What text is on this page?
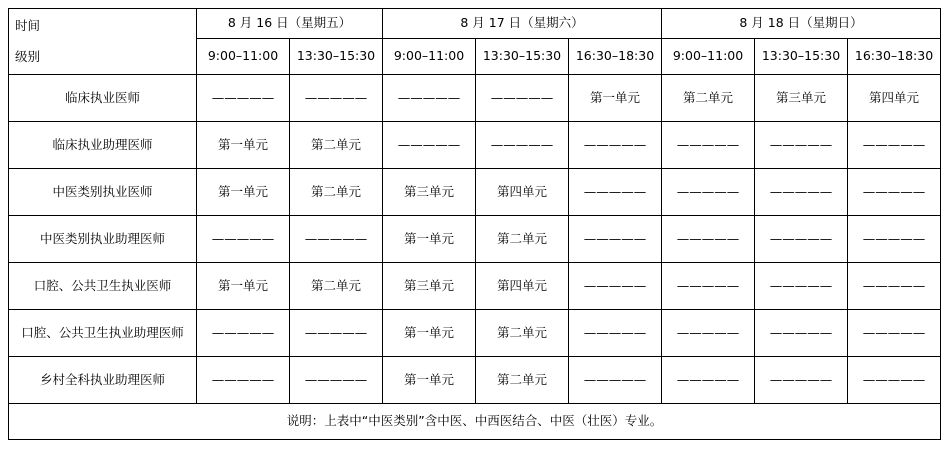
时间
级别	8 月 16 日（星期五）		8 月 17 日（星期六）			8 月 18 日（星期日）		
	9:00–11:00	13:30–15:30	9:00–11:00	13:30–15:30	16:30–18:30	9:00–11:00	13:30–15:30	16:30–18:30
临床执业医师	—————	—————	—————	—————	第一单元	第二单元	第三单元	第四单元
临床执业助理医师	第一单元	第二单元	—————	—————	—————	—————	—————	—————
中医类别执业医师	第一单元	第二单元	第三单元	第四单元	—————	—————	—————	—————
中医类别执业助理医师	—————	—————	第一单元	第二单元	—————	—————	—————	—————
口腔、公共卫生执业医师	第一单元	第二单元	第三单元	第四单元	—————	—————	—————	—————
口腔、公共卫生执业助理医师	—————	—————	第一单元	第二单元	—————	—————	—————	—————
乡村全科执业助理医师	—————	—————	第一单元	第二单元	—————	—————	—————	—————
说明：上表中“中医类别”含中医、中西医结合、中医（壮医）专业。								
